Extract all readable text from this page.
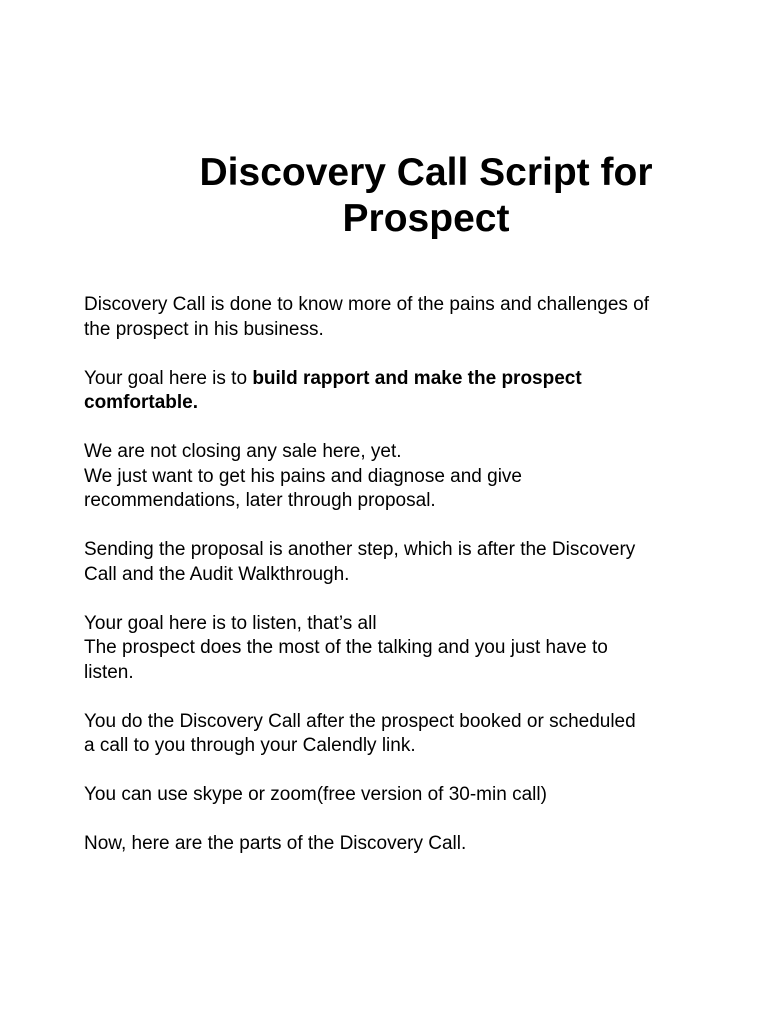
Discovery Call Script for
Prospect

Discovery Call is done to know more of the pains and challenges of
the prospect in his business.

Your goal here is to build rapport and make the prospect
comfortable.

We are not closing any sale here, yet.
We just want to get his pains and diagnose and give
recommendations, later through proposal.

Sending the proposal is another step, which is after the Discovery
Call and the Audit Walkthrough.

Your goal here is to listen, that’s all
The prospect does the most of the talking and you just have to
listen.

You do the Discovery Call after the prospect booked or scheduled
a call to you through your Calendly link.

You can use skype or zoom(free version of 30-min call)

Now, here are the parts of the Discovery Call.
